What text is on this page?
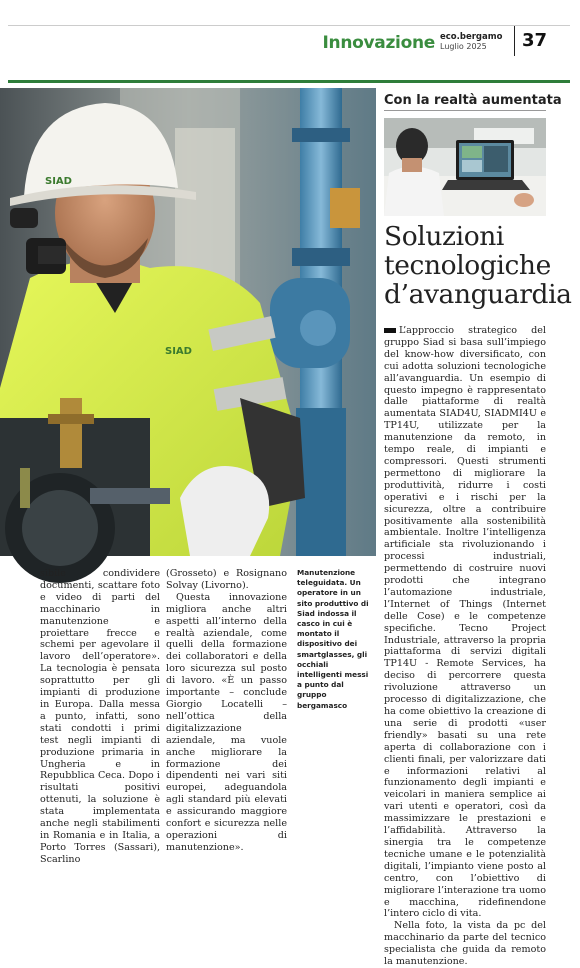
Innovazione eco.bergamo
Luglio 2025	37
SIAD
SIAD
Con la realtà aumentata
Soluzioni tecnologiche d’avanguardia

L’approccio strategico del gruppo Siad si basa sull’impiego del know-how diversificato, con cui adotta soluzioni tecnologiche all’avanguardia. Un esempio di questo impegno è rappresentato dalle piattaforme di realtà aumentata SIAD4U, SIADMI4U e TP14U, utilizzate per la manutenzione da remoto, in tempo reale, di impianti e compressori. Questi strumenti permettono di migliorare la produttività, ridurre i costi operativi e i rischi per la sicurezza, oltre a contribuire positivamente alla sostenibilità ambientale. Inoltre l’intelligenza artificiale sta rivoluzionando i processi industriali, permettendo di costruire nuovi prodotti che integrano l’automazione industriale, l’Internet of Things (Internet delle Cose) e le competenze specifiche. Tecno Project Industriale, attraverso la propria piattaforma di servizi digitali TP14U - Remote Services, ha deciso di percorrere questa rivoluzione attraverso un processo di digitalizzazione, che ha come obiettivo la creazione di una serie di prodotti «user friendly» basati su una rete aperta di collaborazione con i clienti finali, per valorizzare dati e informazioni relativi al funzionamento degli impianti e veicolari in maniera semplice ai vari utenti e operatori, così da massimizzare le prestazioni e l’affidabilità. Attraverso la sinergia tra le competenze tecniche umane e le potenzialità digitali, l’impianto viene posto al centro, con l’obiettivo di migliorare l’interazione tra uomo e macchina, ridefinendone l’intero ciclo di vita.

Nella foto, la vista da pc del macchinario da parte del tecnico specialista che guida da remoto la manutenzione.

sibile condividere documenti, scattare foto e video di parti del macchinario in manutenzione e proiettare frecce e schemi per agevolare il lavoro dell’operatore». La tecnologia è pensata soprattutto per gli impianti di produzione in Europa. Dalla messa a punto, infatti, sono stati condotti i primi test negli impianti di produzione primaria in Ungheria e in Repubblica Ceca. Dopo i risultati positivi ottenuti, la soluzione è stata implementata anche negli stabilimenti in Romania e in Italia, a Porto Torres (Sassari), Scarlino

(Grosseto) e Rosignano Solvay (Livorno).

Questa innovazione migliora anche altri aspetti all’interno della realtà aziendale, come quelli della formazione dei collaboratori e della loro sicurezza sul posto di lavoro. «È un passo importante – conclude Giorgio Locatelli – nell’ottica della digitalizzazione aziendale, ma vuole anche migliorare la formazione dei dipendenti nei vari siti europei, adeguandola agli standard più elevati e assicurando maggiore confort e sicurezza nelle operazioni di manutenzione».

Manutenzione teleguidata. Un operatore in un sito produttivo di Siad indossa il casco in cui è montato il dispositivo dei smartglasses, gli occhiali intelligenti messi a punto dal gruppo bergamasco
